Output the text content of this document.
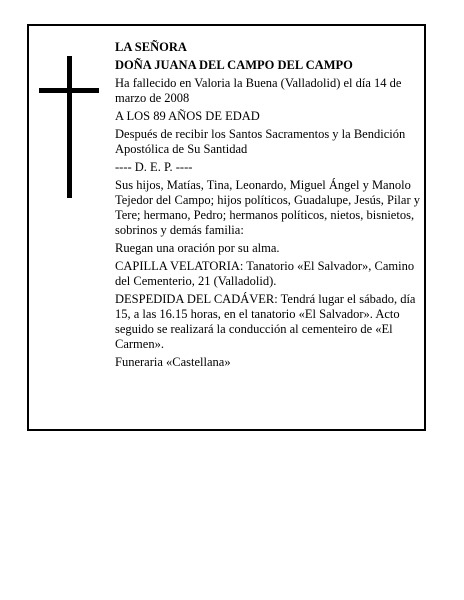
LA SEÑORA

DOÑA JUANA DEL CAMPO DEL CAMPO

Ha fallecido en Valoria la Buena (Valladolid) el día 14 de marzo de 2008

A LOS 89 AÑOS DE EDAD

Después de recibir los Santos Sacramentos y la Bendición Apostólica de Su Santidad

---- D. E. P. ----

Sus hijos, Matías, Tina, Leonardo, Miguel Ángel y Manolo Tejedor del Campo; hijos políticos, Guadalupe, Jesús, Pilar y Tere; hermano, Pedro; hermanos políticos, nietos, bisnietos, sobrinos y demás familia:

Ruegan una oración por su alma.

CAPILLA VELATORIA: Tanatorio «El Salvador», Camino del Cementerio, 21 (Valladolid).

DESPEDIDA DEL CADÁVER: Tendrá lugar el sábado, día 15, a las 16.15 horas, en el tanatorio «El Salvador». Acto seguido se realizará la conducción al cementeiro de «El Carmen».

Funeraria «Castellana»
